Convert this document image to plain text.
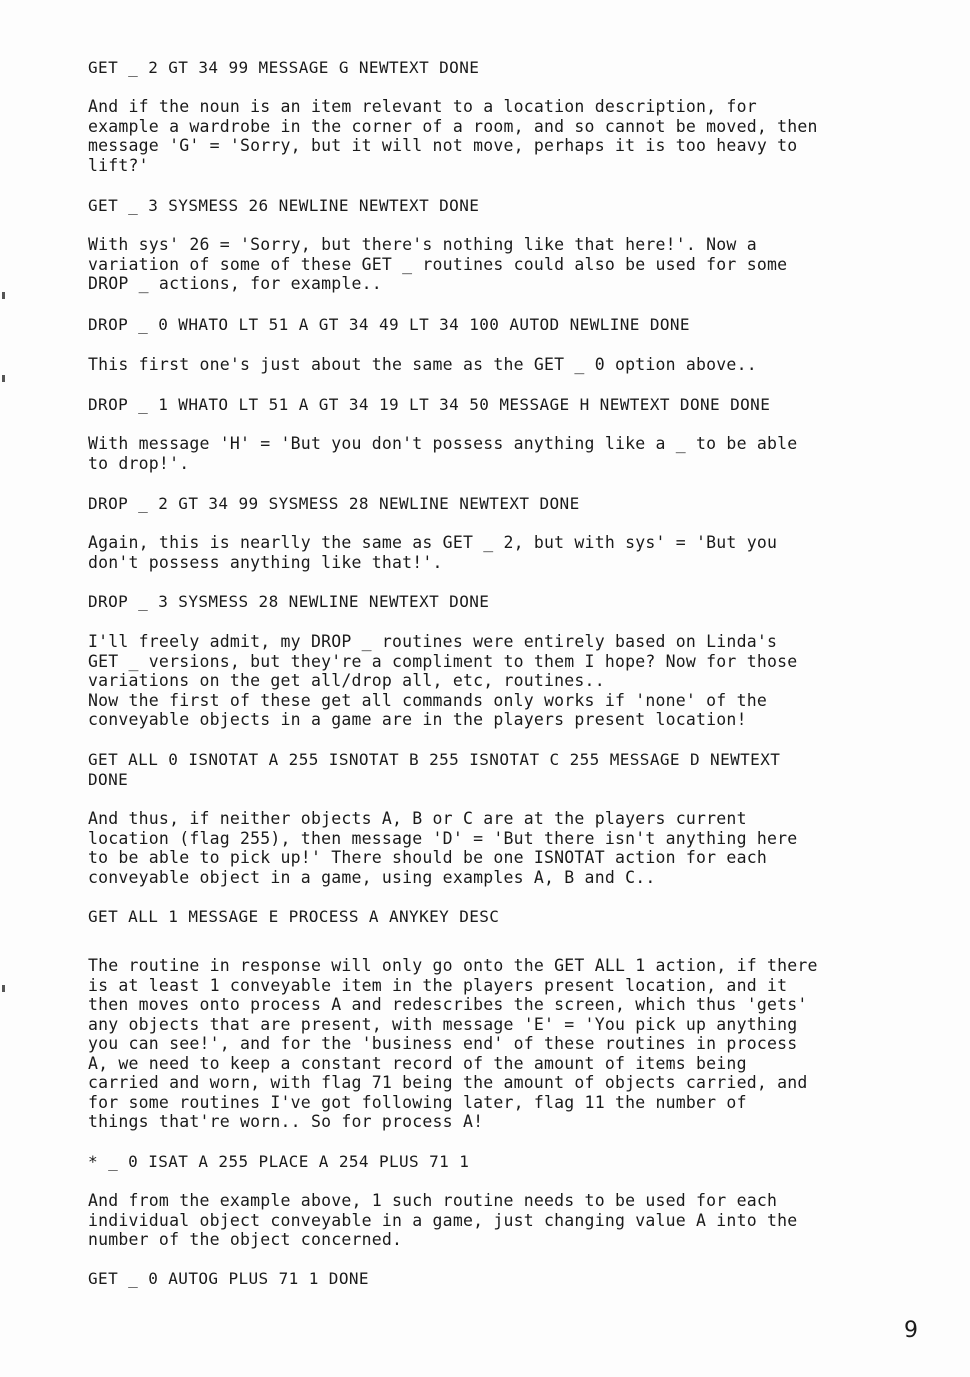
GET _ 2 GT 34 99 MESSAGE G NEWTEXT DONE

And if the noun is an item relevant to a location description, for
example a wardrobe in the corner of a room, and so cannot be moved, then
message 'G' = 'Sorry, but it will not move, perhaps it is too heavy to
lift?'

GET _ 3 SYSMESS 26 NEWLINE NEWTEXT DONE

With sys' 26 = 'Sorry, but there's nothing like that here!'. Now a
variation of some of these GET _ routines could also be used for some
DROP _ actions, for example..

DROP _ 0 WHATO LT 51 A GT 34 49 LT 34 100 AUTOD NEWLINE DONE

This first one's just about the same as the GET _ 0 option above..

DROP _ 1 WHATO LT 51 A GT 34 19 LT 34 50 MESSAGE H NEWTEXT DONE DONE

With message 'H' = 'But you don't possess anything like a _ to be able
to drop!'.

DROP _ 2 GT 34 99 SYSMESS 28 NEWLINE NEWTEXT DONE

Again, this is nearlly the same as GET _ 2, but with sys' = 'But you
don't possess anything like that!'.

DROP _ 3 SYSMESS 28 NEWLINE NEWTEXT DONE

I'll freely admit, my DROP _ routines were entirely based on Linda's
GET _ versions, but they're a compliment to them I hope? Now for those
variations on the get all/drop all, etc, routines..
Now the first of these get all commands only works if 'none' of the
conveyable objects in a game are in the players present location!

GET ALL 0 ISNOTAT A 255 ISNOTAT B 255 ISNOTAT C 255 MESSAGE D NEWTEXT
DONE

And thus, if neither objects A, B or C are at the players current
location (flag 255), then message 'D' = 'But there isn't anything here
to be able to pick up!' There should be one ISNOTAT action for each
conveyable object in a game, using examples A, B and C..

GET ALL 1 MESSAGE E PROCESS A ANYKEY DESC

The routine in response will only go onto the GET ALL 1 action, if there
is at least 1 conveyable item in the players present location, and it
then moves onto process A and redescribes the screen, which thus 'gets'
any objects that are present, with message 'E' = 'You pick up anything
you can see!', and for the 'business end' of these routines in process
A, we need to keep a constant record of the amount of items being
carried and worn, with flag 71 being the amount of objects carried, and
for some routines I've got following later, flag 11 the number of
things that're worn.. So for process A!

* _ 0 ISAT A 255 PLACE A 254 PLUS 71 1

And from the example above, 1 such routine needs to be used for each
individual object conveyable in a game, just changing value A into the
number of the object concerned.

GET _ 0 AUTOG PLUS 71 1 DONE

9
